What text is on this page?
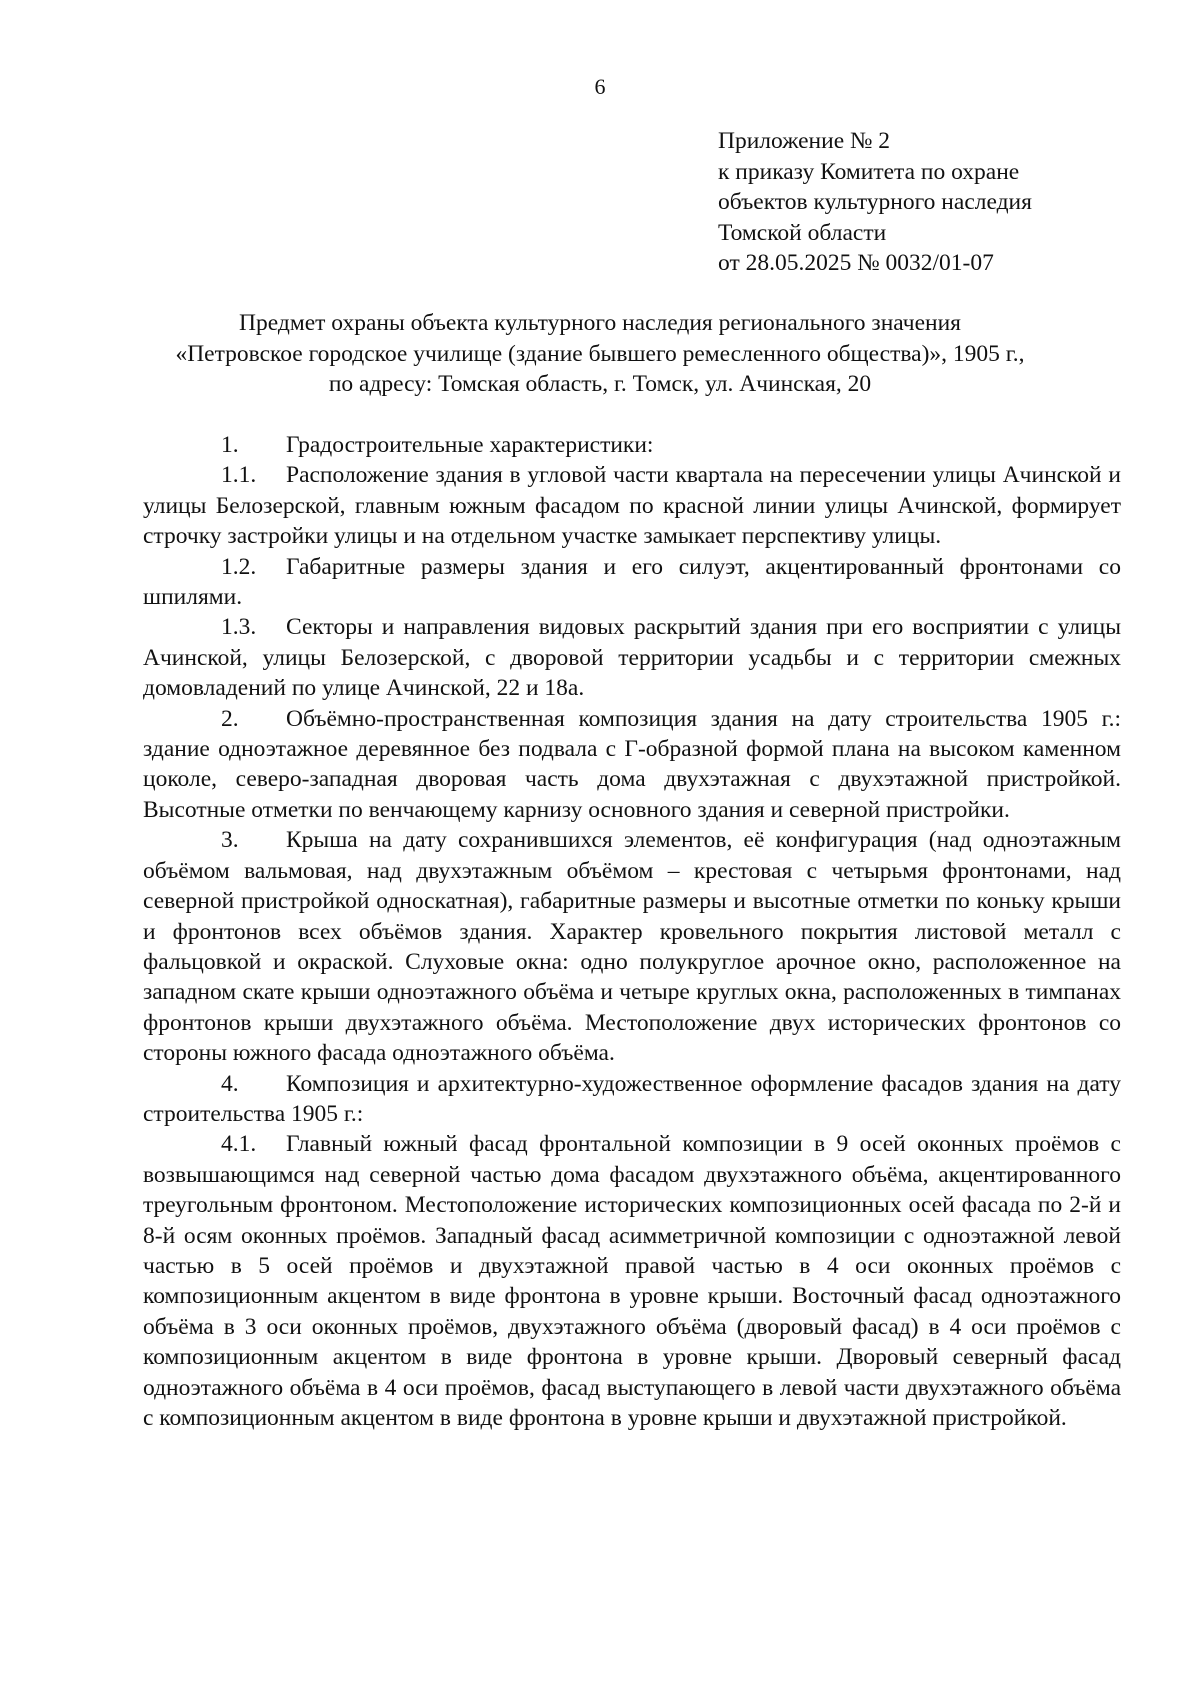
6
Приложение № 2
к приказу Комитета по охране
объектов культурного наследия
Томской области
от 28.05.2025 № 0032/01-07
Предмет охраны объекта культурного наследия регионального значения
«Петровское городское училище (здание бывшего ремесленного общества)», 1905 г.,
по адресу: Томская область, г. Томск, ул. Ачинская, 20

1. Градостроительные характеристики:

1.1. Расположение здания в угловой части квартала на пересечении улицы Ачинской и улицы Белозерской, главным южным фасадом по красной линии улицы Ачинской, формирует строчку застройки улицы и на отдельном участке замыкает перспективу улицы.

1.2. Габаритные размеры здания и его силуэт, акцентированный фронтонами со шпилями.

1.3. Секторы и направления видовых раскрытий здания при его восприятии с улицы Ачинской, улицы Белозерской, с дворовой территории усадьбы и с территории смежных домовладений по улице Ачинской, 22 и 18а.

2. Объёмно-пространственная композиция здания на дату строительства 1905 г.: здание одноэтажное деревянное без подвала с Г-образной формой плана на высоком каменном цоколе, северо-западная дворовая часть дома двухэтажная с двухэтажной пристройкой. Высотные отметки по венчающему карнизу основного здания и северной пристройки.

3. Крыша на дату сохранившихся элементов, её конфигурация (над одноэтажным объёмом вальмовая, над двухэтажным объёмом – крестовая с четырьмя фронтонами, над северной пристройкой односкатная), габаритные размеры и высотные отметки по коньку крыши и фронтонов всех объёмов здания. Характер кровельного покрытия листовой металл с фальцовкой и окраской. Слуховые окна: одно полукруглое арочное окно, расположенное на западном скате крыши одноэтажного объёма и четыре круглых окна, расположенных в тимпанах фронтонов крыши двухэтажного объёма. Местоположение двух исторических фронтонов со стороны южного фасада одноэтажного объёма.

4. Композиция и архитектурно-художественное оформление фасадов здания на дату строительства 1905 г.:

4.1. Главный южный фасад фронтальной композиции в 9 осей оконных проёмов с возвышающимся над северной частью дома фасадом двухэтажного объёма, акцентированного треугольным фронтоном. Местоположение исторических композиционных осей фасада по 2-й и 8-й осям оконных проёмов. Западный фасад асимметричной композиции с одноэтажной левой частью в 5 осей проёмов и двухэтажной правой частью в 4 оси оконных проёмов с композиционным акцентом в виде фронтона в уровне крыши. Восточный фасад одноэтажного объёма в 3 оси оконных проёмов, двухэтажного объёма (дворовый фасад) в 4 оси проёмов с композиционным акцентом в виде фронтона в уровне крыши. Дворовый северный фасад одноэтажного объёма в 4 оси проёмов, фасад выступающего в левой части двухэтажного объёма с композиционным акцентом в виде фронтона в уровне крыши и двухэтажной пристройкой.
